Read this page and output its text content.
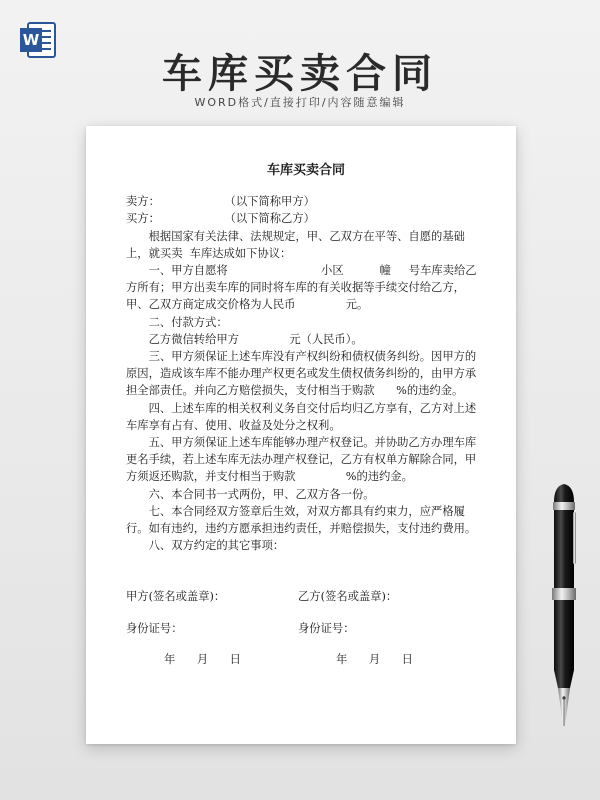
W
车库买卖合同
WORD格式/直接打印/内容随意编辑
车库买卖合同

卖方：                  （以下简称甲方）

买方：                  （以下简称乙方）

根据国家有关法律、法规规定，甲、乙双方在平等、自愿的基础上，就买卖  车库达成如下协议：

一、甲方自愿将                          小区          幢     号车库卖给乙方所有；甲方出卖车库的同时将车库的有关收据等手续交付给乙方，甲、乙双方商定成交价格为人民币              元。

二、付款方式：

乙方微信转给甲方              元（人民币）。

三、甲方须保证上述车库没有产权纠纷和债权债务纠纷。因甲方的原因，造成该车库不能办理产权更名或发生债权债务纠纷的，由甲方承担全部责任。并向乙方赔偿损失，支付相当于购款      %的违约金。

四、上述车库的相关权利义务自交付后均归乙方享有，乙方对上述车库享有占有、使用、收益及处分之权利。

五、甲方须保证上述车库能够办理产权登记。并协助乙方办理车库更名手续，若上述车库无法办理产权登记，乙方有权单方解除合同，甲方须返还购款，并支付相当于购款              %的违约金。

六、本合同书一式两份，甲、乙双方各一份。

七、本合同经双方签章后生效，对双方都具有约束力，应严格履行。如有违约，违约方愿承担违约责任，并赔偿损失，支付违约费用。

八、双方约定的其它事项：

甲方(签名或盖章)：	乙方(签名或盖章)：
身份证号：	身份证号：
年      月      日	年      月      日
